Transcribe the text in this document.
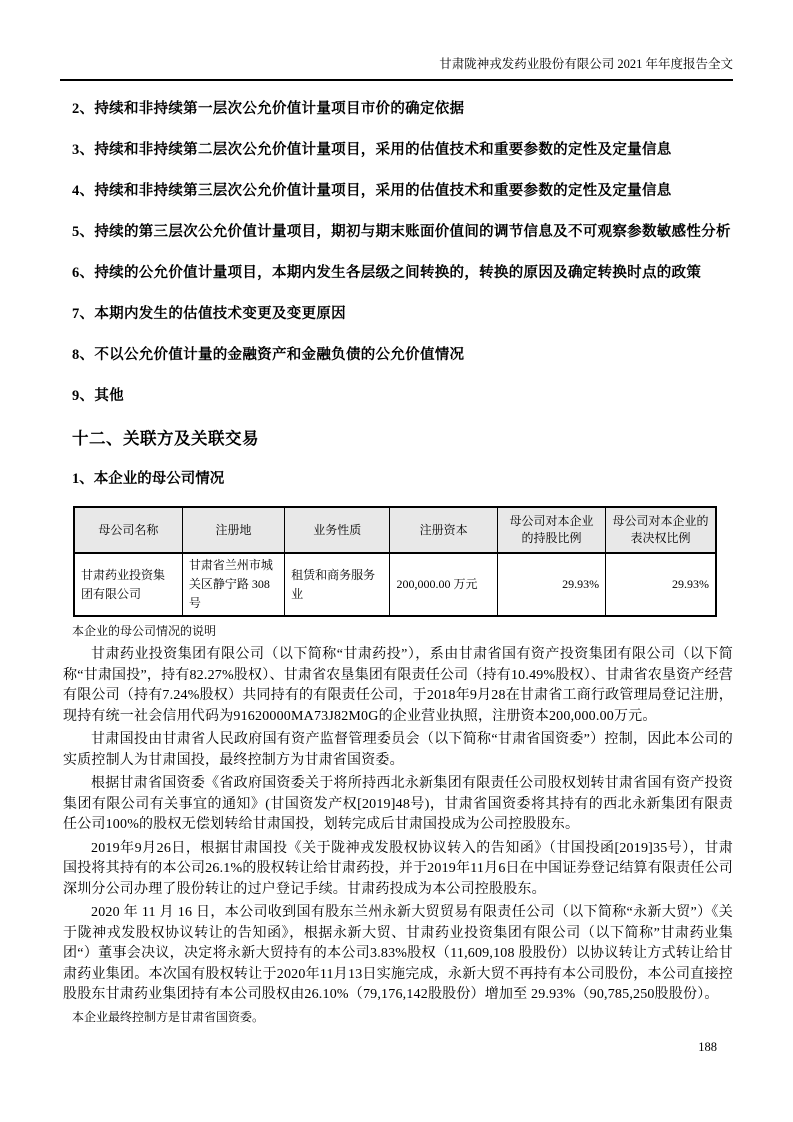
甘肃陇神戎发药业股份有限公司 2021 年年度报告全文
2、持续和非持续第一层次公允价值计量项目市价的确定依据
3、持续和非持续第二层次公允价值计量项目，采用的估值技术和重要参数的定性及定量信息
4、持续和非持续第三层次公允价值计量项目，采用的估值技术和重要参数的定性及定量信息
5、持续的第三层次公允价值计量项目，期初与期末账面价值间的调节信息及不可观察参数敏感性分析
6、持续的公允价值计量项目，本期内发生各层级之间转换的，转换的原因及确定转换时点的政策
7、本期内发生的估值技术变更及变更原因
8、不以公允价值计量的金融资产和金融负债的公允价值情况
9、其他
十二、关联方及关联交易
1、本企业的母公司情况
母公司名称	注册地	业务性质	注册资本	母公司对本企业的持股比例	母公司对本企业的表决权比例
甘肃药业投资集团有限公司	甘肃省兰州市城关区静宁路 308 号	租赁和商务服务业	200,000.00 万元	29.93%	29.93%
本企业的母公司情况的说明

甘肃药业投资集团有限公司（以下简称“甘肃药投”），系由甘肃省国有资产投资集团有限公司（以下简称“甘肃国投”，持有82.27%股权）、甘肃省农垦集团有限责任公司（持有10.49%股权）、甘肃省农垦资产经营有限公司（持有7.24%股权）共同持有的有限责任公司，于2018年9月28在甘肃省工商行政管理局登记注册，现持有统一社会信用代码为91620000MA73J82M0G的企业营业执照，注册资本200,000.00万元。

甘肃国投由甘肃省人民政府国有资产监督管理委员会（以下简称“甘肃省国资委”）控制，因此本公司的实质控制人为甘肃国投，最终控制方为甘肃省国资委。

根据甘肃省国资委《省政府国资委关于将所持西北永新集团有限责任公司股权划转甘肃省国有资产投资集团有限公司有关事宜的通知》(甘国资发产权[2019]48号)，甘肃省国资委将其持有的西北永新集团有限责任公司100%的股权无偿划转给甘肃国投，划转完成后甘肃国投成为公司控股股东。

2019年9月26日，根据甘肃国投《关于陇神戎发股权协议转入的告知函》（甘国投函[2019]35号），甘肃国投将其持有的本公司26.1%的股权转让给甘肃药投，并于2019年11月6日在中国证券登记结算有限责任公司深圳分公司办理了股份转让的过户登记手续。甘肃药投成为本公司控股股东。

2020 年 11 月 16 日，本公司收到国有股东兰州永新大贸贸易有限责任公司（以下简称“永新大贸”）《关于陇神戎发股权协议转让的告知函》，根据永新大贸、甘肃药业投资集团有限公司（以下简称”甘肃药业集团“）董事会决议，决定将永新大贸持有的本公司3.83%股权（11,609,108 股股份）以协议转让方式转让给甘肃药业集团。本次国有股权转让于2020年11月13日实施完成，永新大贸不再持有本公司股份，本公司直接控股股东甘肃药业集团持有本公司股权由26.10%（79,176,142股股份）增加至 29.93%（90,785,250股股份）。

本企业最终控制方是甘肃省国资委。
188
